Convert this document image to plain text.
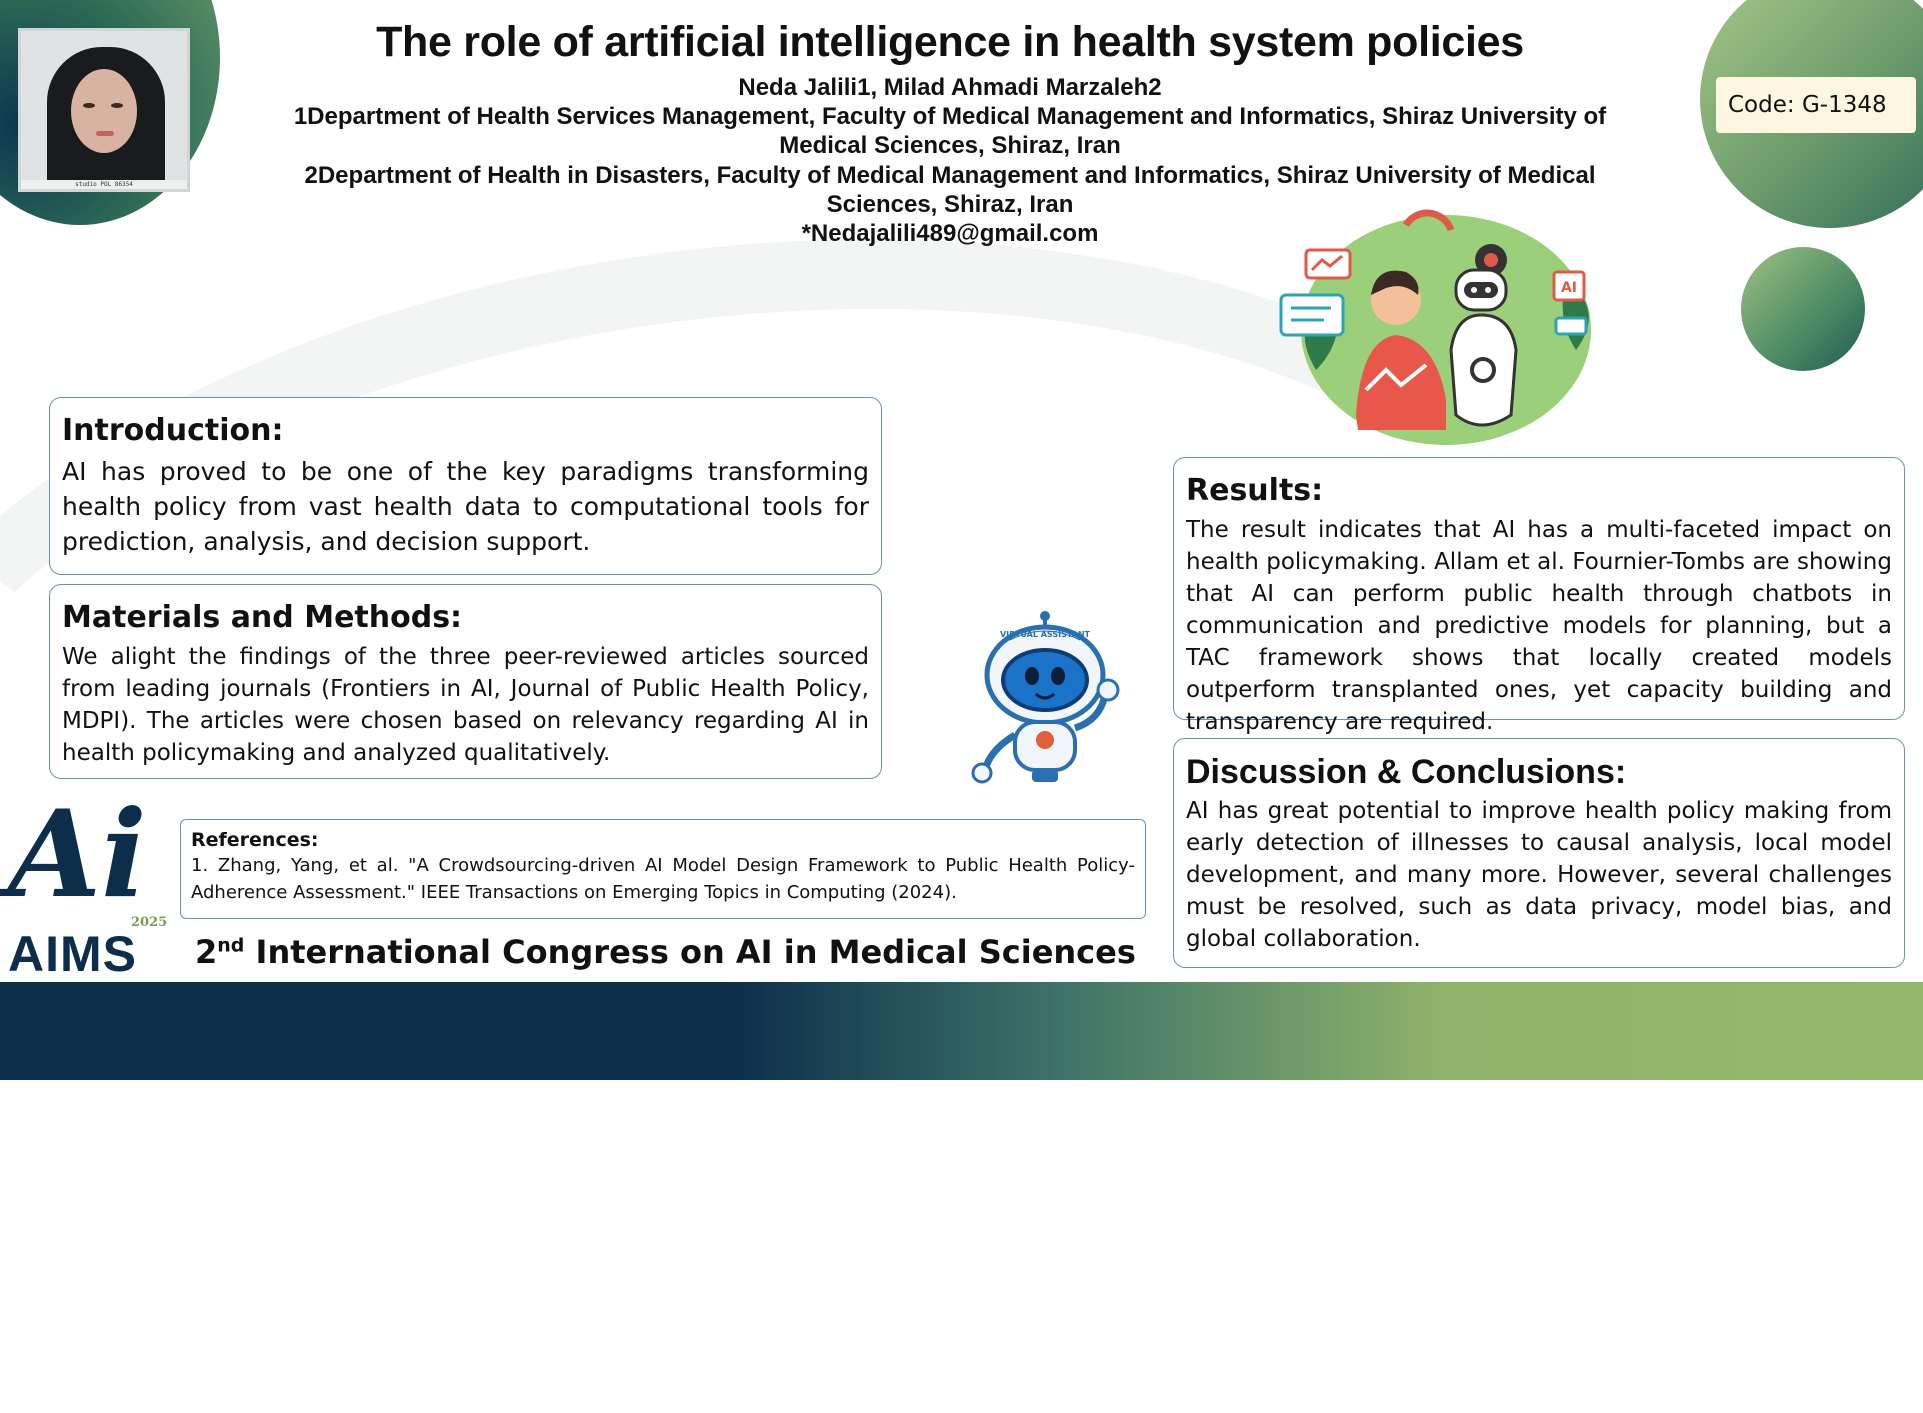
studio POL 86354
The role of artificial intelligence in health system policies
Neda Jalili1, Milad Ahmadi Marzaleh2
1Department of Health Services Management, Faculty of Medical Management and Informatics, Shiraz University of
Medical Sciences, Shiraz, Iran
2Department of Health in Disasters, Faculty of Medical Management and Informatics, Shiraz University of Medical
Sciences, Shiraz, Iran
*Nedajalili489@gmail.com
Code: G-1348
AI
VIRTUAL ASSISTANT
Introduction:

AI has proved to be one of the key paradigms transforming health policy from vast health data to computational tools for prediction, analysis, and decision support.

Materials and Methods:

We alight the findings of the three peer-reviewed articles sourced from leading journals (Frontiers in AI, Journal of Public Health Policy, MDPI). The articles were chosen based on relevancy regarding AI in health policymaking and analyzed qualitatively.

Results:

The result indicates that AI has a multi-faceted impact on health policymaking. Allam et al. Fournier-Tombs are showing that AI can perform public health through chatbots in communication and predictive models for planning, but a TAC framework shows that locally created models outperform transplanted ones, yet capacity building and transparency are required.

Discussion & Conclusions:

AI has great potential to improve health policy making from early detection of illnesses to causal analysis, local model development, and many more. However, several challenges must be resolved, such as data privacy, model bias, and global collaboration.

References:
1. Zhang, Yang, et al. "A Crowdsourcing-driven AI Model Design Framework to Public Health Policy-Adherence Assessment." IEEE Transactions on Emerging Topics in Computing (2024).
Ai
2025
AIMS 2nd International Congress on AI in Medical Sciences
